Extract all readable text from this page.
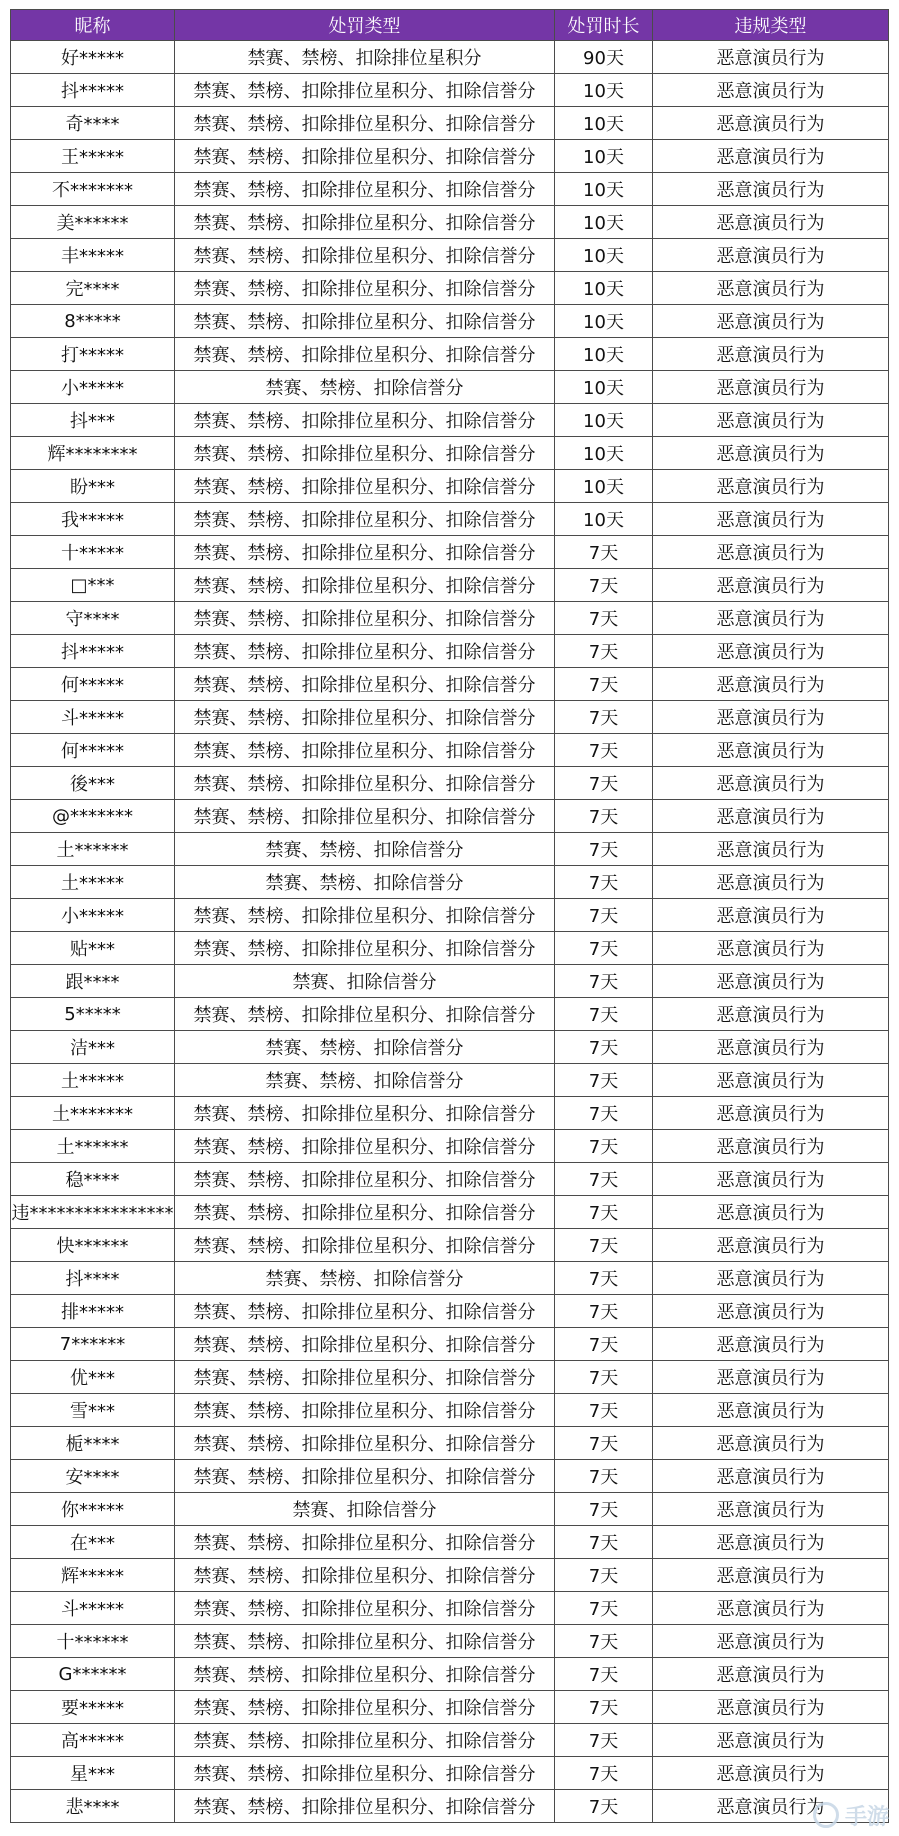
昵称	处罚类型	处罚时长	违规类型
好*****	禁赛、禁榜、扣除排位星积分	90天	恶意演员行为
抖*****	禁赛、禁榜、扣除排位星积分、扣除信誉分	10天	恶意演员行为
奇****	禁赛、禁榜、扣除排位星积分、扣除信誉分	10天	恶意演员行为
王*****	禁赛、禁榜、扣除排位星积分、扣除信誉分	10天	恶意演员行为
不*******	禁赛、禁榜、扣除排位星积分、扣除信誉分	10天	恶意演员行为
美******	禁赛、禁榜、扣除排位星积分、扣除信誉分	10天	恶意演员行为
丰*****	禁赛、禁榜、扣除排位星积分、扣除信誉分	10天	恶意演员行为
完****	禁赛、禁榜、扣除排位星积分、扣除信誉分	10天	恶意演员行为
8*****	禁赛、禁榜、扣除排位星积分、扣除信誉分	10天	恶意演员行为
打*****	禁赛、禁榜、扣除排位星积分、扣除信誉分	10天	恶意演员行为
小*****	禁赛、禁榜、扣除信誉分	10天	恶意演员行为
抖***	禁赛、禁榜、扣除排位星积分、扣除信誉分	10天	恶意演员行为
辉********	禁赛、禁榜、扣除排位星积分、扣除信誉分	10天	恶意演员行为
盼***	禁赛、禁榜、扣除排位星积分、扣除信誉分	10天	恶意演员行为
我*****	禁赛、禁榜、扣除排位星积分、扣除信誉分	10天	恶意演员行为
十*****	禁赛、禁榜、扣除排位星积分、扣除信誉分	7天	恶意演员行为
□***	禁赛、禁榜、扣除排位星积分、扣除信誉分	7天	恶意演员行为
守****	禁赛、禁榜、扣除排位星积分、扣除信誉分	7天	恶意演员行为
抖*****	禁赛、禁榜、扣除排位星积分、扣除信誉分	7天	恶意演员行为
何*****	禁赛、禁榜、扣除排位星积分、扣除信誉分	7天	恶意演员行为
斗*****	禁赛、禁榜、扣除排位星积分、扣除信誉分	7天	恶意演员行为
何*****	禁赛、禁榜、扣除排位星积分、扣除信誉分	7天	恶意演员行为
後***	禁赛、禁榜、扣除排位星积分、扣除信誉分	7天	恶意演员行为
@*******	禁赛、禁榜、扣除排位星积分、扣除信誉分	7天	恶意演员行为
土******	禁赛、禁榜、扣除信誉分	7天	恶意演员行为
土*****	禁赛、禁榜、扣除信誉分	7天	恶意演员行为
小*****	禁赛、禁榜、扣除排位星积分、扣除信誉分	7天	恶意演员行为
贴***	禁赛、禁榜、扣除排位星积分、扣除信誉分	7天	恶意演员行为
跟****	禁赛、扣除信誉分	7天	恶意演员行为
5*****	禁赛、禁榜、扣除排位星积分、扣除信誉分	7天	恶意演员行为
洁***	禁赛、禁榜、扣除信誉分	7天	恶意演员行为
土*****	禁赛、禁榜、扣除信誉分	7天	恶意演员行为
土*******	禁赛、禁榜、扣除排位星积分、扣除信誉分	7天	恶意演员行为
土******	禁赛、禁榜、扣除排位星积分、扣除信誉分	7天	恶意演员行为
稳****	禁赛、禁榜、扣除排位星积分、扣除信誉分	7天	恶意演员行为
违****************	禁赛、禁榜、扣除排位星积分、扣除信誉分	7天	恶意演员行为
快******	禁赛、禁榜、扣除排位星积分、扣除信誉分	7天	恶意演员行为
抖****	禁赛、禁榜、扣除信誉分	7天	恶意演员行为
排*****	禁赛、禁榜、扣除排位星积分、扣除信誉分	7天	恶意演员行为
7******	禁赛、禁榜、扣除排位星积分、扣除信誉分	7天	恶意演员行为
优***	禁赛、禁榜、扣除排位星积分、扣除信誉分	7天	恶意演员行为
雪***	禁赛、禁榜、扣除排位星积分、扣除信誉分	7天	恶意演员行为
栀****	禁赛、禁榜、扣除排位星积分、扣除信誉分	7天	恶意演员行为
安****	禁赛、禁榜、扣除排位星积分、扣除信誉分	7天	恶意演员行为
你*****	禁赛、扣除信誉分	7天	恶意演员行为
在***	禁赛、禁榜、扣除排位星积分、扣除信誉分	7天	恶意演员行为
辉*****	禁赛、禁榜、扣除排位星积分、扣除信誉分	7天	恶意演员行为
斗*****	禁赛、禁榜、扣除排位星积分、扣除信誉分	7天	恶意演员行为
十******	禁赛、禁榜、扣除排位星积分、扣除信誉分	7天	恶意演员行为
G******	禁赛、禁榜、扣除排位星积分、扣除信誉分	7天	恶意演员行为
要*****	禁赛、禁榜、扣除排位星积分、扣除信誉分	7天	恶意演员行为
高*****	禁赛、禁榜、扣除排位星积分、扣除信誉分	7天	恶意演员行为
星***	禁赛、禁榜、扣除排位星积分、扣除信誉分	7天	恶意演员行为
悲****	禁赛、禁榜、扣除排位星积分、扣除信誉分	7天	恶意演员行为 手游
